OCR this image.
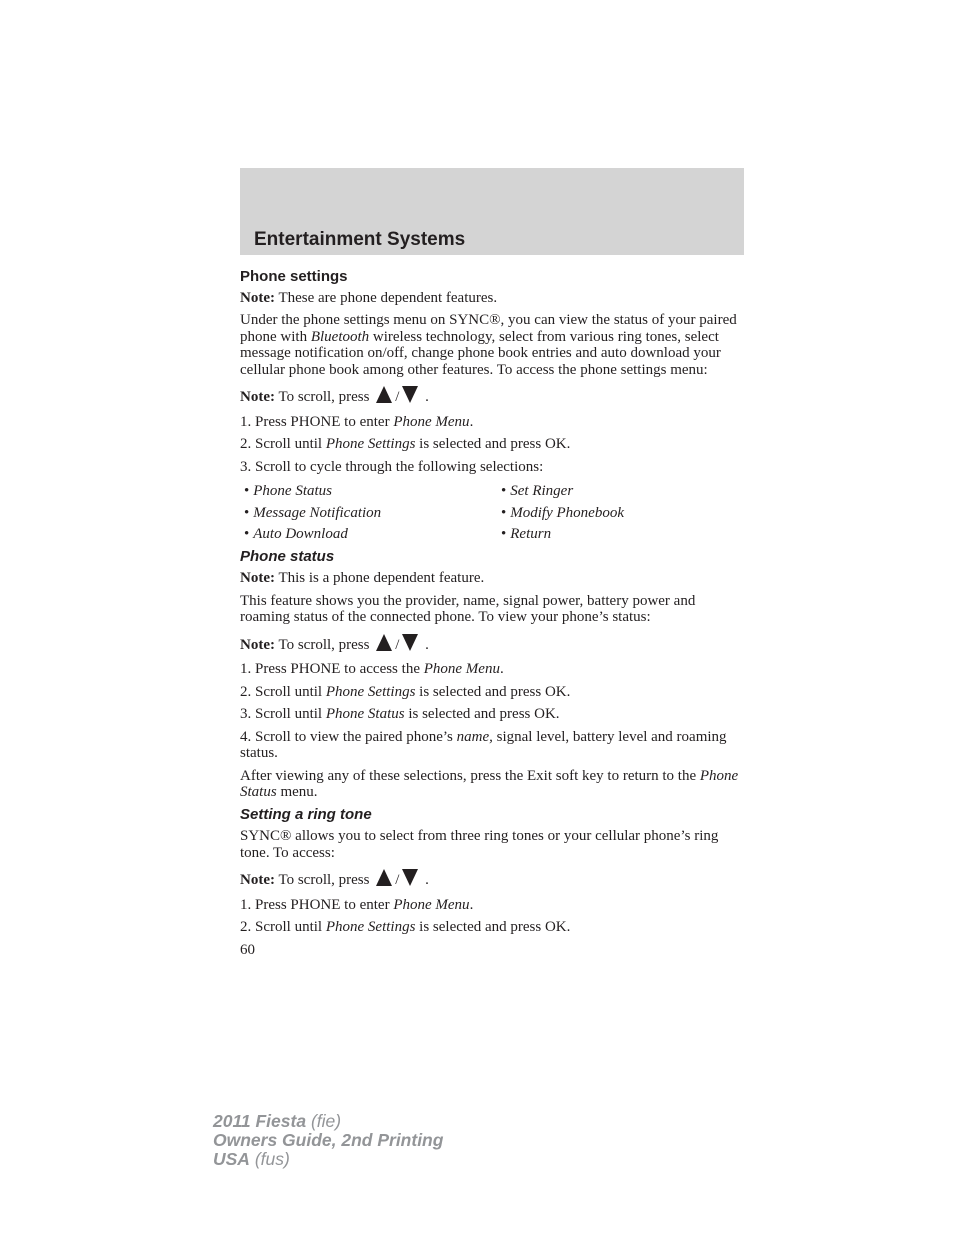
Entertainment Systems
Phone settings

Note: These are phone dependent features.

Under the phone settings menu on SYNC®, you can view the status of your paired phone with Bluetooth wireless technology, select from various ring tones, select message notification on/off, change phone book entries and auto download your cellular phone book among other features. To access the phone settings menu:

Note: To scroll, press / .

1. Press PHONE to enter Phone Menu.

2. Scroll until Phone Settings is selected and press OK.

3. Scroll to cycle through the following selections:

• Phone Status	• Set Ringer
• Message Notification	• Modify Phonebook
• Auto Download	• Return
Phone status

Note: This is a phone dependent feature.

This feature shows you the provider, name, signal power, battery power and roaming status of the connected phone. To view your phone’s status:

Note: To scroll, press / .

1. Press PHONE to access the Phone Menu.

2. Scroll until Phone Settings is selected and press OK.

3. Scroll until Phone Status is selected and press OK.

4. Scroll to view the paired phone’s name, signal level, battery level and roaming status.

After viewing any of these selections, press the Exit soft key to return to the Phone Status menu.

Setting a ring tone

SYNC® allows you to select from three ring tones or your cellular phone’s ring tone. To access:

Note: To scroll, press / .

1. Press PHONE to enter Phone Menu.

2. Scroll until Phone Settings is selected and press OK.

60
2011 Fiesta (fie)
Owners Guide, 2nd Printing
USA (fus)
